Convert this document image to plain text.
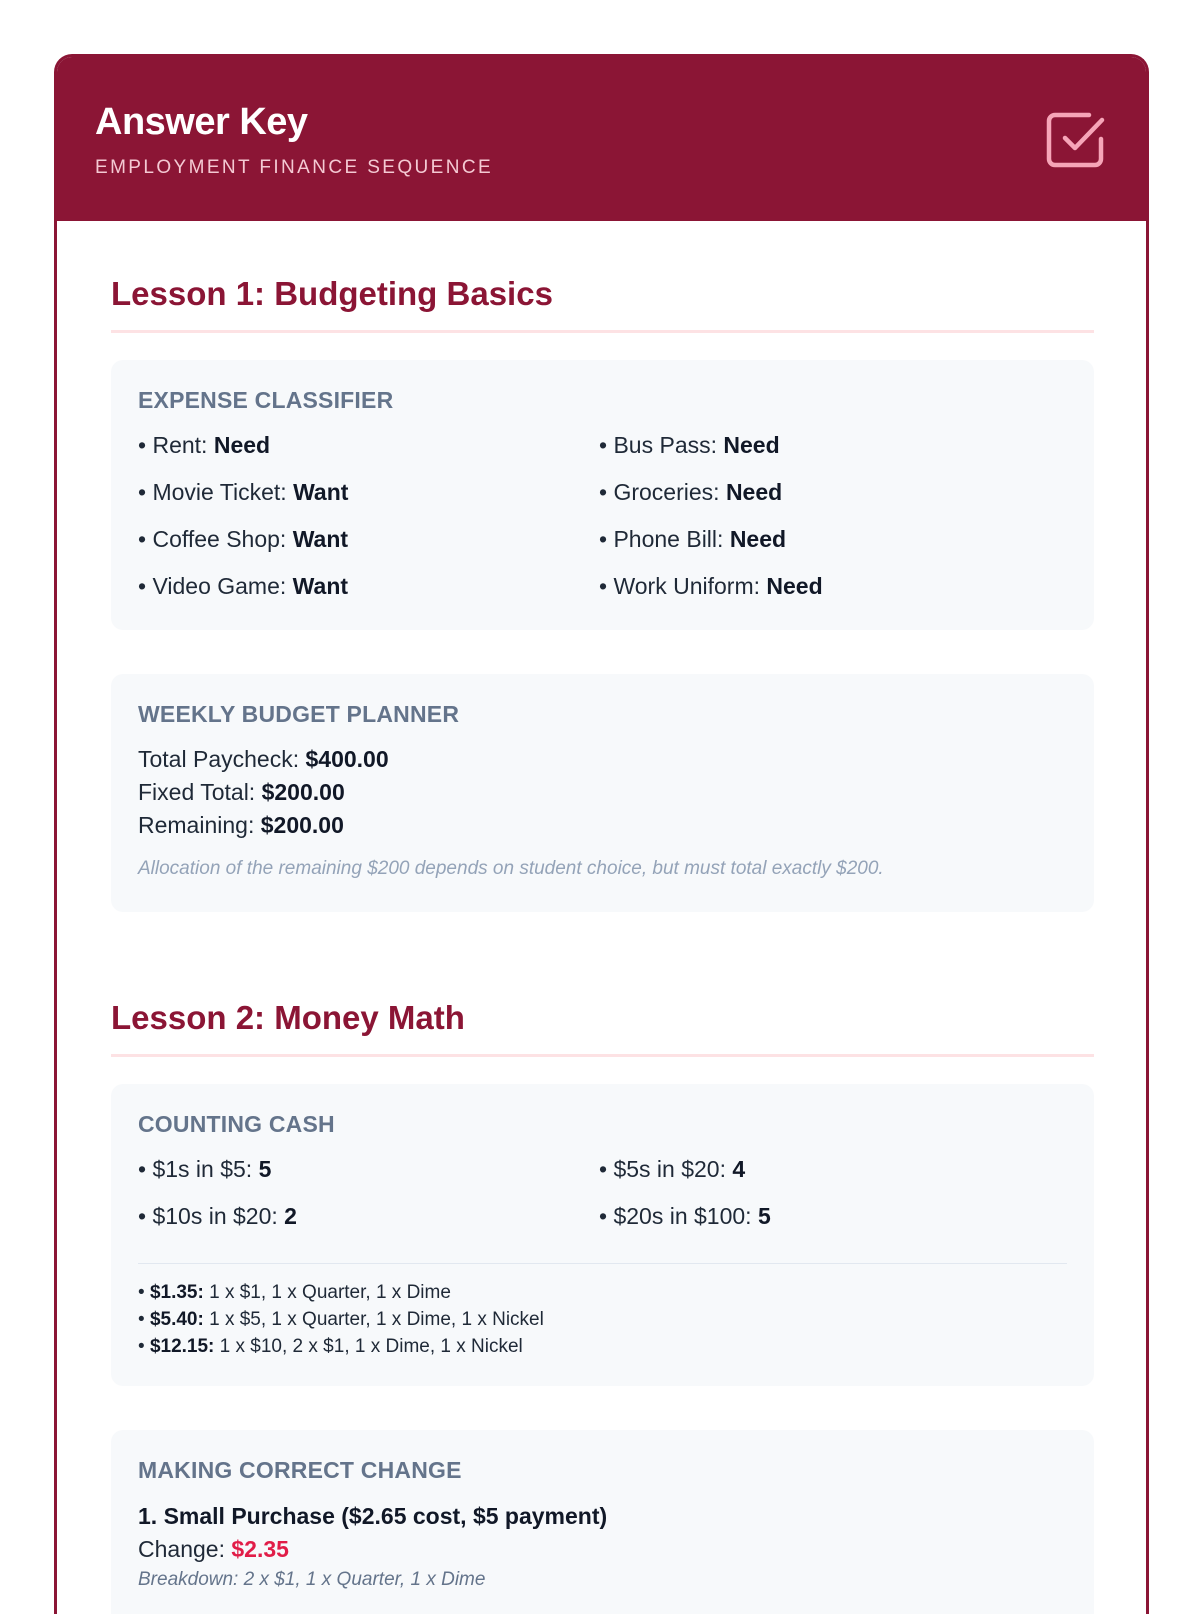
Answer Key
EMPLOYMENT FINANCE SEQUENCE
Lesson 1: Budgeting Basics
EXPENSE CLASSIFIER
• Rent: Need	• Bus Pass: Need
• Movie Ticket: Want	• Groceries: Need
• Coffee Shop: Want	• Phone Bill: Need
• Video Game: Want	• Work Uniform: Need
WEEKLY BUDGET PLANNER
Total Paycheck: $400.00
Fixed Total: $200.00
Remaining: $200.00
Allocation of the remaining $200 depends on student choice, but must total exactly $200.
Lesson 2: Money Math
COUNTING CASH
• $1s in $5: 5	• $5s in $20: 4
• $10s in $20: 2	• $20s in $100: 5
• $1.35: 1 x $1, 1 x Quarter, 1 x Dime
• $5.40: 1 x $5, 1 x Quarter, 1 x Dime, 1 x Nickel
• $12.15: 1 x $10, 2 x $1, 1 x Dime, 1 x Nickel
MAKING CORRECT CHANGE
1. Small Purchase ($2.65 cost, $5 payment)
Change: $2.35
Breakdown: 2 x $1, 1 x Quarter, 1 x Dime
